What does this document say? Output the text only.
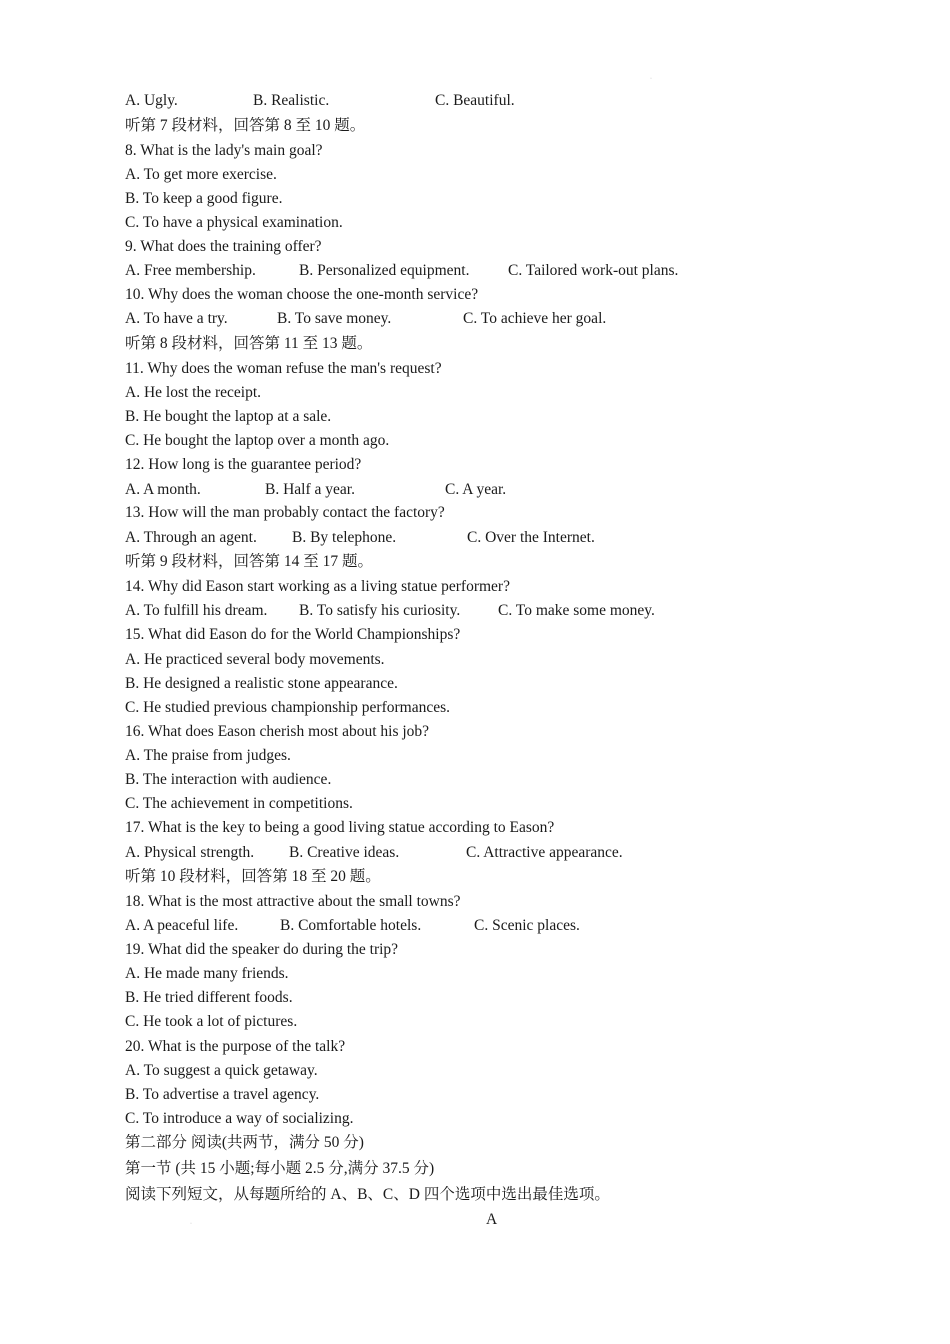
·
A. Ugly.	B. Realistic.	C. Beautiful.
听第 7 段材料，回答第 8 至 10 题。
8. What is the lady's main goal?
A. To get more exercise.
B. To keep a good figure.
C. To have a physical examination.
9. What does the training offer?
A. Free membership.	B. Personalized equipment. C. Tailored work-out plans.
10. Why does the woman choose the one-month service?
A. To have a try.	B. To save money.	C. To achieve her goal.
听第 8 段材料，回答第 11 至 13 题。
11. Why does the woman refuse the man's request?
A. He lost the receipt.
B. He bought the laptop at a sale.
C. He bought the laptop over a month ago.
12. How long is the guarantee period?
A. A month.	B. Half a year.	C. A year.
13. How will the man probably contact the factory?
A. Through an agent. B. By telephone.	C. Over the Internet.
听第 9 段材料，回答第 14 至 17 题。
14. Why did Eason start working as a living statue performer?
A. To fulfill his dream. B. To satisfy his curiosity. C. To make some money.
15. What did Eason do for the World Championships?
A. He practiced several body movements.
B. He designed a realistic stone appearance.
C. He studied previous championship performances.
16. What does Eason cherish most about his job?
A. The praise from judges.
B. The interaction with audience.
C. The achievement in competitions.
17. What is the key to being a good living statue according to Eason?
A. Physical strength. B. Creative ideas.	C. Attractive appearance.
听第 10 段材料，回答第 18 至 20 题。
18. What is the most attractive about the small towns?
A. A peaceful life.	B. Comfortable hotels.	C. Scenic places.
19. What did the speaker do during the trip?
A. He made many friends.
B. He tried different foods.
C. He took a lot of pictures.
20. What is the purpose of the talk?
A. To suggest a quick getaway.
B. To advertise a travel agency.
C. To introduce a way of socializing.
第二部分 阅读(共两节，满分 50 分)
第一节 (共 15 小题;每小题 2.5 分,满分 37.5 分)
阅读下列短文，从每题所给的 A、B、C、D 四个选项中选出最佳选项。
A
·
